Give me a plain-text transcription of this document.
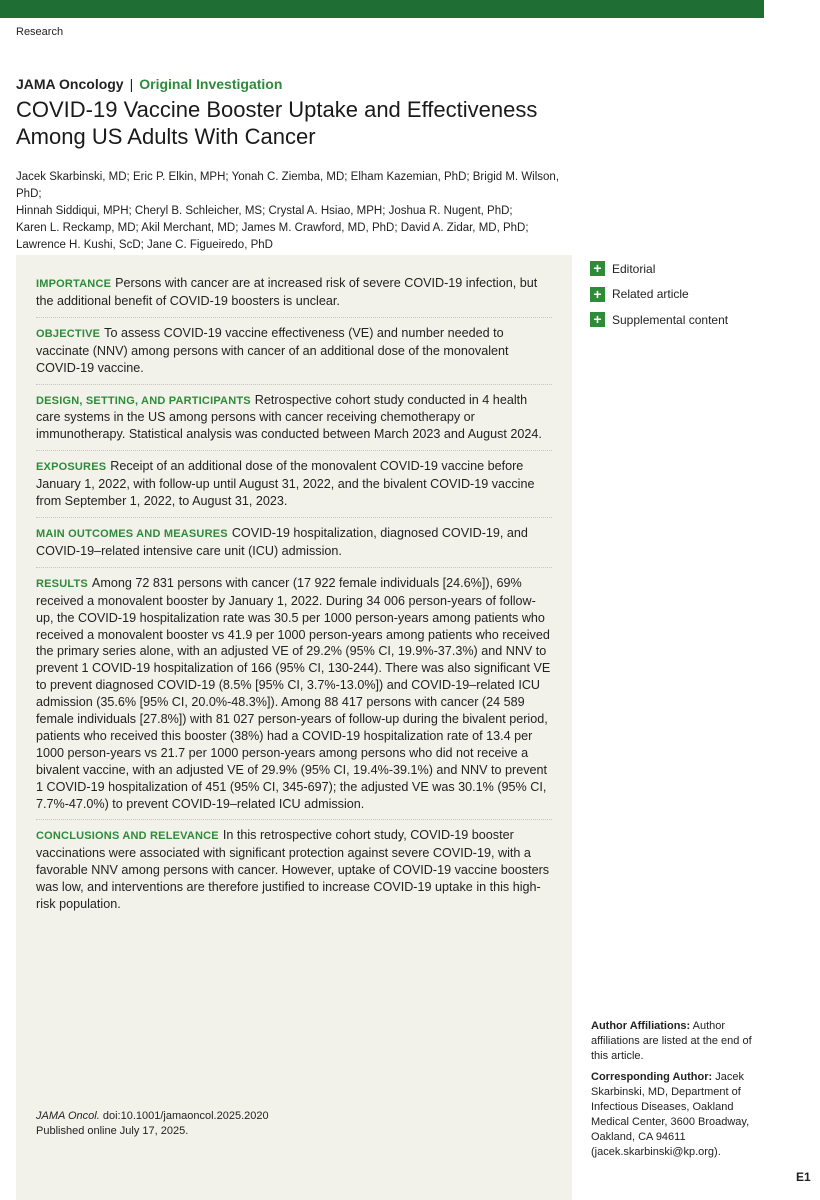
Research
JAMA Oncology | Original Investigation
COVID-19 Vaccine Booster Uptake and Effectiveness Among US Adults With Cancer
Jacek Skarbinski, MD; Eric P. Elkin, MPH; Yonah C. Ziemba, MD; Elham Kazemian, PhD; Brigid M. Wilson, PhD;
Hinnah Siddiqui, MPH; Cheryl B. Schleicher, MS; Crystal A. Hsiao, MPH; Joshua R. Nugent, PhD;
Karen L. Reckamp, MD; Akil Merchant, MD; James M. Crawford, MD, PhD; David A. Zidar, MD, PhD;
Lawrence H. Kushi, ScD; Jane C. Figueiredo, PhD
IMPORTANCE Persons with cancer are at increased risk of severe COVID-19 infection, but the additional benefit of COVID-19 boosters is unclear.
OBJECTIVE To assess COVID-19 vaccine effectiveness (VE) and number needed to vaccinate (NNV) among persons with cancer of an additional dose of the monovalent COVID-19 vaccine.
DESIGN, SETTING, AND PARTICIPANTS Retrospective cohort study conducted in 4 health care systems in the US among persons with cancer receiving chemotherapy or immunotherapy. Statistical analysis was conducted between March 2023 and August 2024.
EXPOSURES Receipt of an additional dose of the monovalent COVID-19 vaccine before January 1, 2022, with follow-up until August 31, 2022, and the bivalent COVID-19 vaccine from September 1, 2022, to August 31, 2023.
MAIN OUTCOMES AND MEASURES COVID-19 hospitalization, diagnosed COVID-19, and COVID-19–related intensive care unit (ICU) admission.
RESULTS Among 72 831 persons with cancer (17 922 female individuals [24.6%]), 69% received a monovalent booster by January 1, 2022. During 34 006 person-years of follow-up, the COVID-19 hospitalization rate was 30.5 per 1000 person-years among patients who received a monovalent booster vs 41.9 per 1000 person-years among patients who received the primary series alone, with an adjusted VE of 29.2% (95% CI, 19.9%-37.3%) and NNV to prevent 1 COVID-19 hospitalization of 166 (95% CI, 130-244). There was also significant VE to prevent diagnosed COVID-19 (8.5% [95% CI, 3.7%-13.0%]) and COVID-19–related ICU admission (35.6% [95% CI, 20.0%-48.3%]). Among 88 417 persons with cancer (24 589 female individuals [27.8%]) with 81 027 person-years of follow-up during the bivalent period, patients who received this booster (38%) had a COVID-19 hospitalization rate of 13.4 per 1000 person-years vs 21.7 per 1000 person-years among persons who did not receive a bivalent vaccine, with an adjusted VE of 29.9% (95% CI, 19.4%-39.1%) and NNV to prevent 1 COVID-19 hospitalization of 451 (95% CI, 345-697); the adjusted VE was 30.1% (95% CI, 7.7%-47.0%) to prevent COVID-19–related ICU admission.
CONCLUSIONS AND RELEVANCE In this retrospective cohort study, COVID-19 booster vaccinations were associated with significant protection against severe COVID-19, with a favorable NNV among persons with cancer. However, uptake of COVID-19 vaccine boosters was low, and interventions are therefore justified to increase COVID-19 uptake in this high-risk population.
JAMA Oncol. doi:10.1001/jamaoncol.2025.2020
Published online July 17, 2025.
+ Editorial
+ Related article
+ Supplemental content

Author Affiliations: Author affiliations are listed at the end of this article.

Corresponding Author: Jacek Skarbinski, MD, Department of Infectious Diseases, Oakland Medical Center, 3600 Broadway, Oakland, CA 94611 (jacek.skarbinski@kp.org).

E1
